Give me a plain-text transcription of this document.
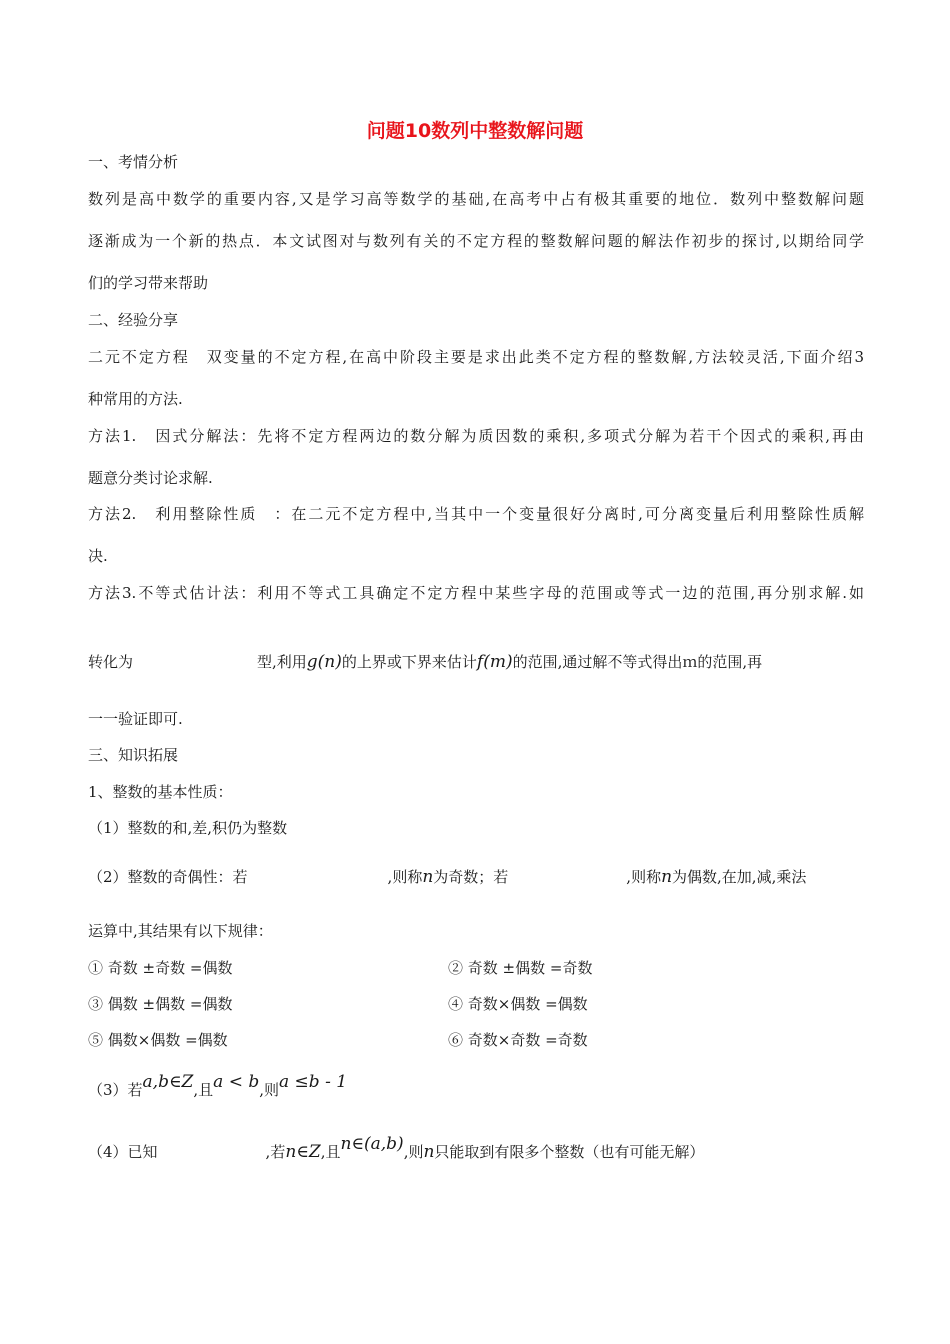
问题10数列中整数解问题
一、考情分析
数列是高中数学的重要内容,又是学习高等数学的基础,在高考中占有极其重要的地位．数列中整数解问题
逐渐成为一个新的热点．本文试图对与数列有关的不定方程的整数解问题的解法作初步的探讨,以期给同学
们的学习带来帮助
二、经验分享
二元不定方程　双变量的不定方程,在高中阶段主要是求出此类不定方程的整数解,方法较灵活,下面介绍3
种常用的方法.
方法1.　因式分解法：先将不定方程两边的数分解为质因数的乘积,多项式分解为若干个因式的乘积,再由
题意分类讨论求解.
方法2.　利用整除性质　：在二元不定方程中,当其中一个变量很好分离时,可分离变量后利用整除性质解
决.
方法3.不等式估计法：利用不等式工具确定不定方程中某些字母的范围或等式一边的范围,再分别求解.如
转化为	型,利用g(n)的上界或下界来估计f(m)的范围,通过解不等式得出ｍ的范围,再
一一验证即可.
三、知识拓展
1、整数的基本性质：
（1）整数的和,差,积仍为整数
（2）整数的奇偶性：若	,则称n为奇数；若	,则称n为偶数,在加,减,乘法
运算中,其结果有以下规律：
① 奇数 ±奇数 =偶数	② 奇数 ±偶数 =奇数
③ 偶数 ±偶数 =偶数	④ 奇数×偶数 =偶数
⑤ 偶数×偶数 =偶数	⑥ 奇数×奇数 =奇数
（3）若a,b∈Z,且a < b,则a ≤b - 1
（4）已知	,若n∈Z,且n∈(a,b),则n只能取到有限多个整数（也有可能无解）
